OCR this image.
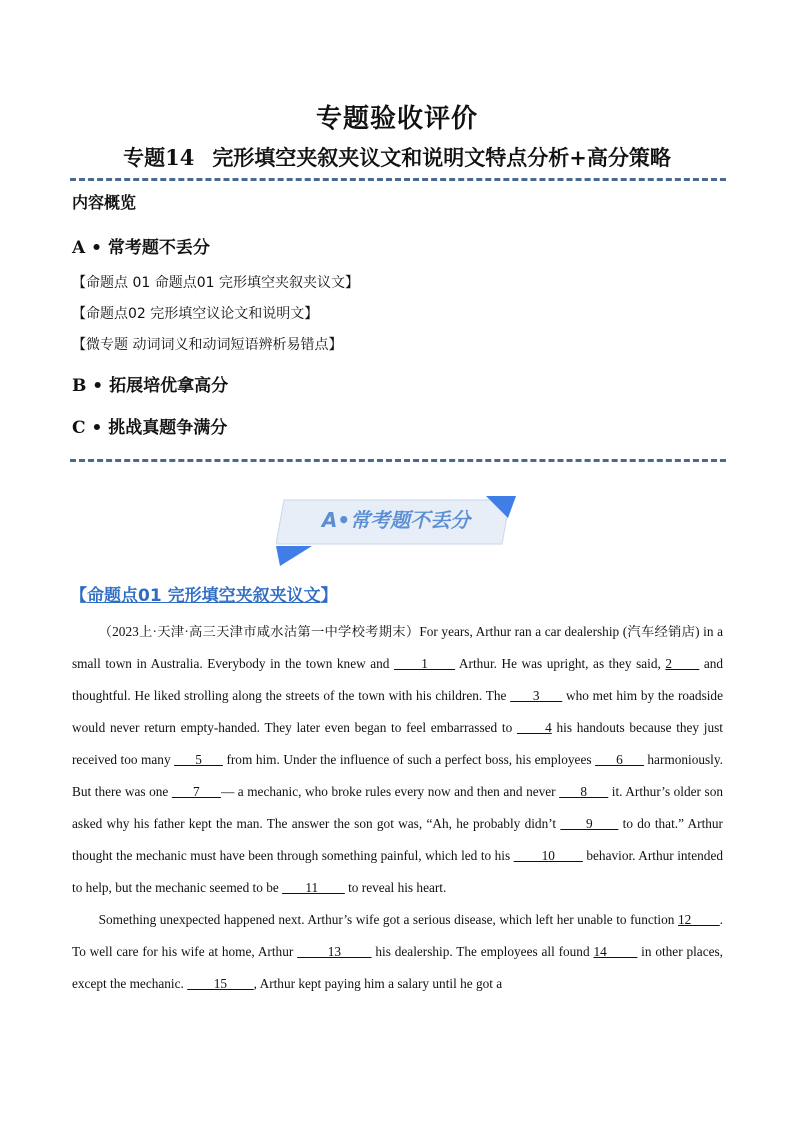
专题验收评价
专题14 完形填空夹叙夹议文和说明文特点分析+高分策略
内容概览
A • 常考题不丢分
【命题点 01 命题点01 完形填空夹叙夹议文】
【命题点02 完形填空议论文和说明文】
【微专题 动词词义和动词短语辨析易错点】
B • 拓展培优拿高分
C • 挑战真题争满分
A•常考题不丢分
【命题点01 完形填空夹叙夹议文】

（2023上·天津·高三天津市咸水沽第一中学校考期末）For years, Arthur ran a car dealership (汽车经销店) in a small town in Australia. Everybody in the town knew and       1       Arthur. He was upright, as they said, 2       and thoughtful. He liked strolling along the streets of the town with his children. The       3       who met him by the roadside would never return empty-handed. They later even began to feel embarrassed to       4 his handouts because they just received too many       5       from him. Under the influence of such a perfect boss, his employees       6       harmoniously. But there was one       7      — a mechanic, who broke rules every now and then and never       8       it. Arthur’s older son asked why his father kept the man. The answer the son got was, “Ah, he probably didn’t       9       to do that.” Arthur thought the mechanic must have been through something painful, which led to his         10         behavior. Arthur intended to help, but the mechanic seemed to be        11         to reveal his heart.

Something unexpected happened next. Arthur’s wife got a serious disease, which left her unable to function 12        . To well care for his wife at home, Arthur         13         his dealership. The employees all found 14         in other places, except the mechanic.         15        , Arthur kept paying him a salary until he got a
